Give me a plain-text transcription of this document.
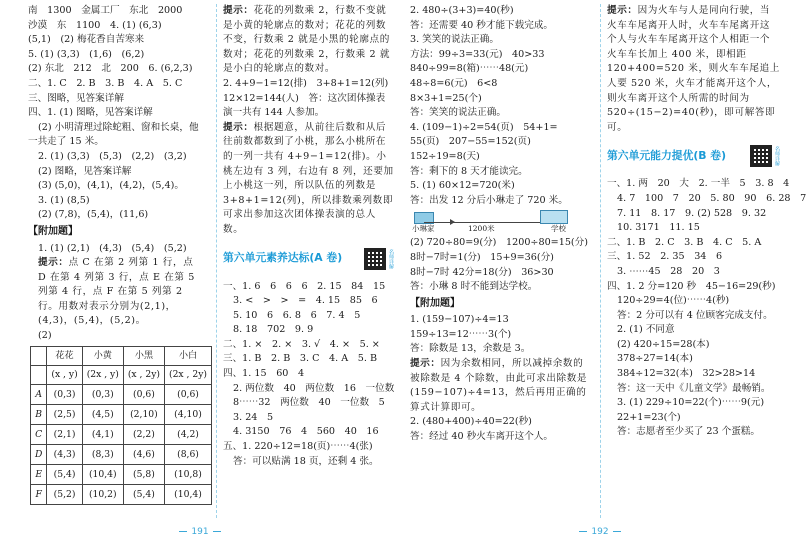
南　1300　金属工厂　东北　2000
沙漠　东　1100　4. (1) (6,3)
(5,1)　(2) 梅花香自苦寒来
5. (1) (3,3)　(1,6)　(6,2)
(2) 东北　212　北　200　6. (6,2,3)
二、1. C　2. B　3. B　4. A　5. C
三、图略，见答案详解
四、1. (1) 图略，见答案详解
(2) 小明清理过除蛇粗、窗和长桌，他
一共走了 15 米。
2. (1) (3,3)　(5,3)　(2,2)　(3,2)
(2) 图略，见答案详解
(3) (5,0)，(4,1)，(4,2)，(5,4)。
3. (1) (8,5)
(2) (7,8)，(5,4)，(11,6)
【附加题】
1. (1) (2,1)　(4,3)　(5,4)　(5,2)
提示：点 C 在第 2 列第 1 行，点 D 在第 4 列第 3 行，点 E 在第 5 列第 4 行，点 F 在第 5 列第 2 行。用数对表示分别为(2,1)，(4,3)，(5,4)，(5,2)。
(2)
	花花	小黄	小黑	小白
	(x , y)	(2x , y)	(x , 2y)	(2x , 2y)
A	(0,3)	(0,3)	(0,6)	(0,6)
B	(2,5)	(4,5)	(2,10)	(4,10)
C	(2,1)	(4,1)	(2,2)	(4,2)
D	(4,3)	(8,3)	(4,6)	(8,6)
E	(5,4)	(10,4)	(5,8)	(10,8)
F	(5,2)	(10,2)	(5,4)	(10,4)
提示：花花的列数乘 2，行数不变就是小黄的轮廓点的数对；花花的列数不变，行数乘 2 就是小黑的轮廓点的数对；花花的列数乘 2，行数乘 2 就是小白的轮廓点的数对。
2. 4+9−1=12(排)　3+8+1=12(列)
12×12=144(人)　答：这次团体操表
演一共有 144 人参加。
提示：根据题意，从前往后数和从后往前数都数到了小桃，那么小桃所在的一列一共有 4+9−1=12(排)。小桃左边有 3 列，右边有 8 列，还要加上小桃这一列，所以队伍的列数是 3+8+1=12(列)，所以排数乘列数即可求出参加这次团体操表演的总人数。
第六单元素养达标(A 卷)	名师详解
一、1. 6　6　6　6　2. 15　84　15
3. <　>　>　=　4. 15　85　6
5. 10　6　6. 8　6　7. 4　5
8. 18　702　9. 9
二、1. ×　2. ×　3. √　4. ×　5. ×
三、1. B　2. B　3. C　4. A　5. B
四、1. 15　60　4
2. 两位数　40　两位数　16　一位数
8⋯⋯32　两位数　40　一位数　5
3. 24　5
4. 3150　76　4　560　40　16
五、1. 220÷12=18(页)⋯⋯4(张)
答：可以贴满 18 页，还剩 4 张。
191
2. 480÷(3+3)=40(秒)
答：还需要 40 秒才能下载完成。
3. 笑笑的说法正确。
方法：99÷3=33(元)　40>33
840÷99=8(箱)⋯⋯48(元)
48÷8=6(元)　6<8
8×3+1=25(个)
答：笑笑的说法正确。
4. (109−1)÷2=54(页)　54+1=
55(页)　207−55=152(页)
152÷19=8(天)
答：剩下的 8 天才能读完。
5. (1) 60×12=720(米)
答：出发 12 分后小琳走了 720 米。
小琳家	1200米	学校
(2) 720÷80=9(分)　1200÷80=15(分)
8时−7时=1(分)　15+9=36(分)
8时−7时 42分=18(分)　36>30
答：小琳 8 时不能到达学校。
【附加题】
1. (159−107)÷4=13
159÷13=12⋯⋯3(个)
答：除数是 13，余数是 3。
提示：因为余数相同，所以减掉余数的被除数是 4 个除数，由此可求出除数是 (159−107)÷4=13，然后再用正确的算式计算即可。
2. (480+400)÷40=22(秒)
答：经过 40 秒火车离开这个人。
提示：因为火车与人是同向行驶，当火车车尾离开人时，火车车尾离开这个人与火车车尾离开这个人相距一个火车车长加上 400 米，即相距 120+400=520 米，则火车车尾追上人要 520 米，火车才能离开这个人，则火车离开这个人所需的时间为 520÷(15−2)=40(秒)，即可解答即可。
第六单元能力提优(B 卷)	名师详解
一、1. 两　20　大　2. 一半　5　3. 8　4
4. 7　100　7　20　5. 80　90　6. 28　7
7. 11　8. 17　9. (2) 528　9. 32
10. 3171　11. 15
二、1. B　2. C　3. B　4. C　5. A
三、1. 52　2. 35　34　6
3. ⋯⋯45　28　20　3
四、1. 2 分=120 秒　45−16=29(秒)
120÷29=4(位)⋯⋯4(秒)
答：2 分可以有 4 位顾客完成支付。
2. (1) 不同意
(2) 420÷15=28(本)
378÷27=14(本)
384÷12=32(本)　32>28>14
答：这一天中《儿童文学》最畅销。
3. (1) 229÷10=22(个)⋯⋯9(元)
22+1=23(个)
答：志愿者至少买了 23 个蛋糕。
192
